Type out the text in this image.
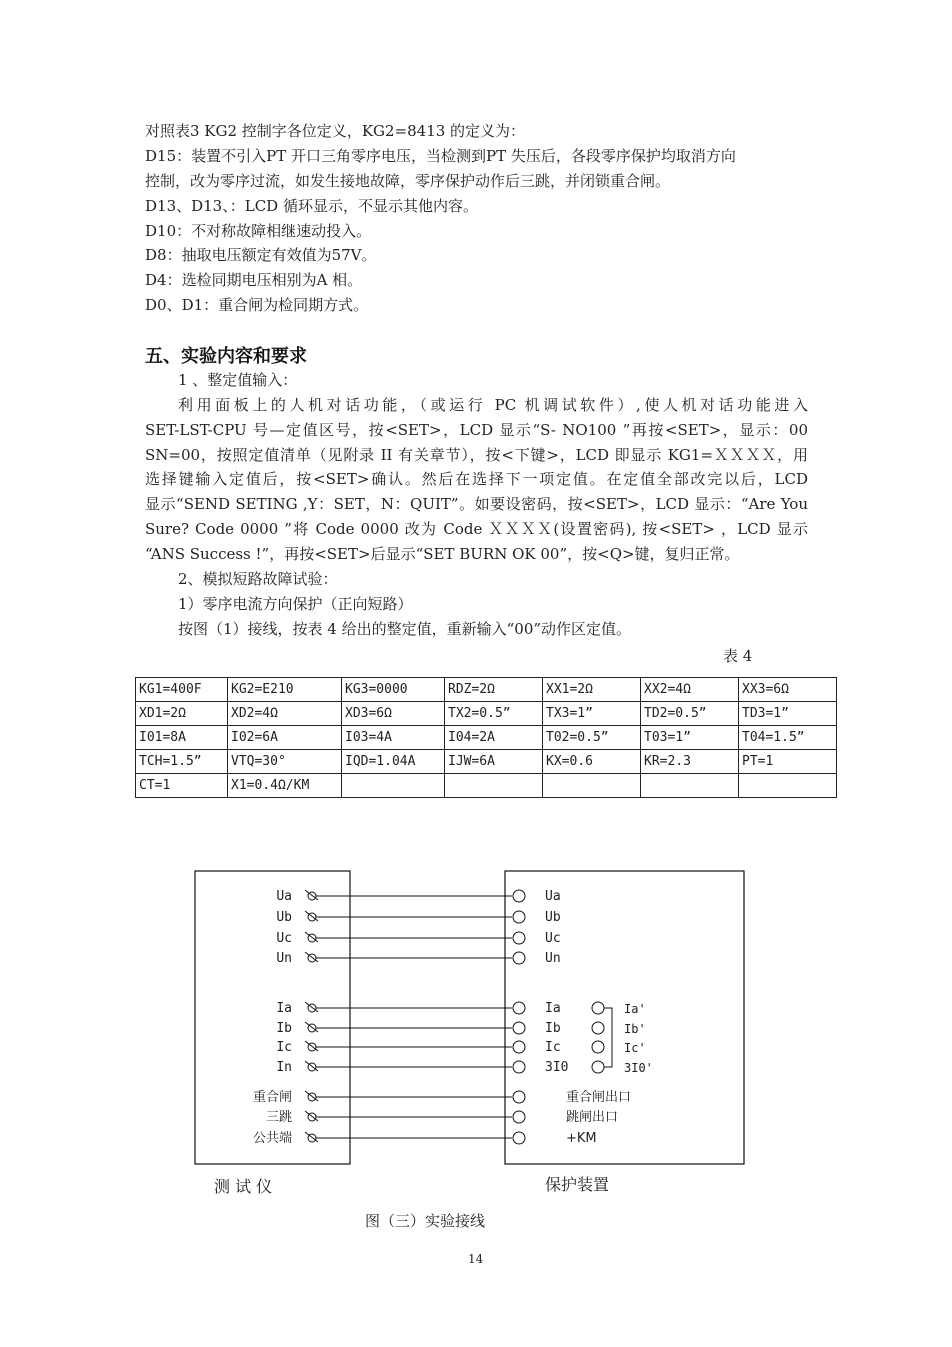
对照表3 KG2 控制字各位定义，KG2=8413 的定义为：
D15：装置不引入PT 开口三角零序电压，当检测到PT 失压后，各段零序保护均取消方向
控制，改为零序过流，如发生接地故障，零序保护动作后三跳，并闭锁重合闸。
D13、D13、：LCD 循环显示，不显示其他内容。
D10：不对称故障相继速动投入。
D8：抽取电压额定有效值为57V。
D4：选检同期电压相别为A 相。
D0、D1：重合闸为检同期方式。
五、实验内容和要求
1 、整定值输入：
利用面板上的人机对话功能，（或运行 PC 机调试软件）,使人机对话功能进入
SET-LST-CPU 号—定值区号，按<SET>，LCD 显示“S- NO100 ”再按<SET>，显示：00
SN=00，按照定值清单（见附录 II 有关章节），按<下键>，LCD 即显示 KG1=ＸＸＸＸ，用
选择键输入定值后，按<SET>确认。然后在选择下一项定值。在定值全部改完以后，LCD
显示“SEND SETING ,Y：SET，N：QUIT”。如要设密码，按<SET>，LCD 显示：“Are You
Sure? Code 0000 ”将 Code 0000 改为 Code ＸＸＸＸ(设置密码), 按<SET> ，LCD 显示
“ANS Success !”，再按<SET>后显示“SET BURN OK 00”，按<Q>键，复归正常。
2、模拟短路故障试验：
1）零序电流方向保护（正向短路）
按图（1）接线，按表 4 给出的整定值，重新输入“00”动作区定值。
表 4
KG1=400F	KG2=E210	KG3=0000	RDZ=2Ω	XX1=2Ω	XX2=4Ω	XX3=6Ω
XD1=2Ω	XD2=4Ω	XD3=6Ω	TX2=0.5”	TX3=1”	TD2=0.5”	TD3=1”
I01=8A	I02=6A	I03=4A	I04=2A	T02=0.5”	T03=1”	T04=1.5”
TCH=1.5”	VTQ=30°	IQD=1.04A	IJW=6A	KX=0.6	KR=2.3	PT=1
CT=1	X1=0.4Ω/KM					
Ua
Ub
Uc
Un
Ia
Ib
Ic
In
重合闸
三跳
公共端
Ua
Ub
Uc
Un
Ia
Ib
Ic
3I0
重合闸出口
跳闸出口
+KM
Ia'
Ib'
Ic'
3I0'
测 试 仪	保护装置
图（三）实验接线
14
